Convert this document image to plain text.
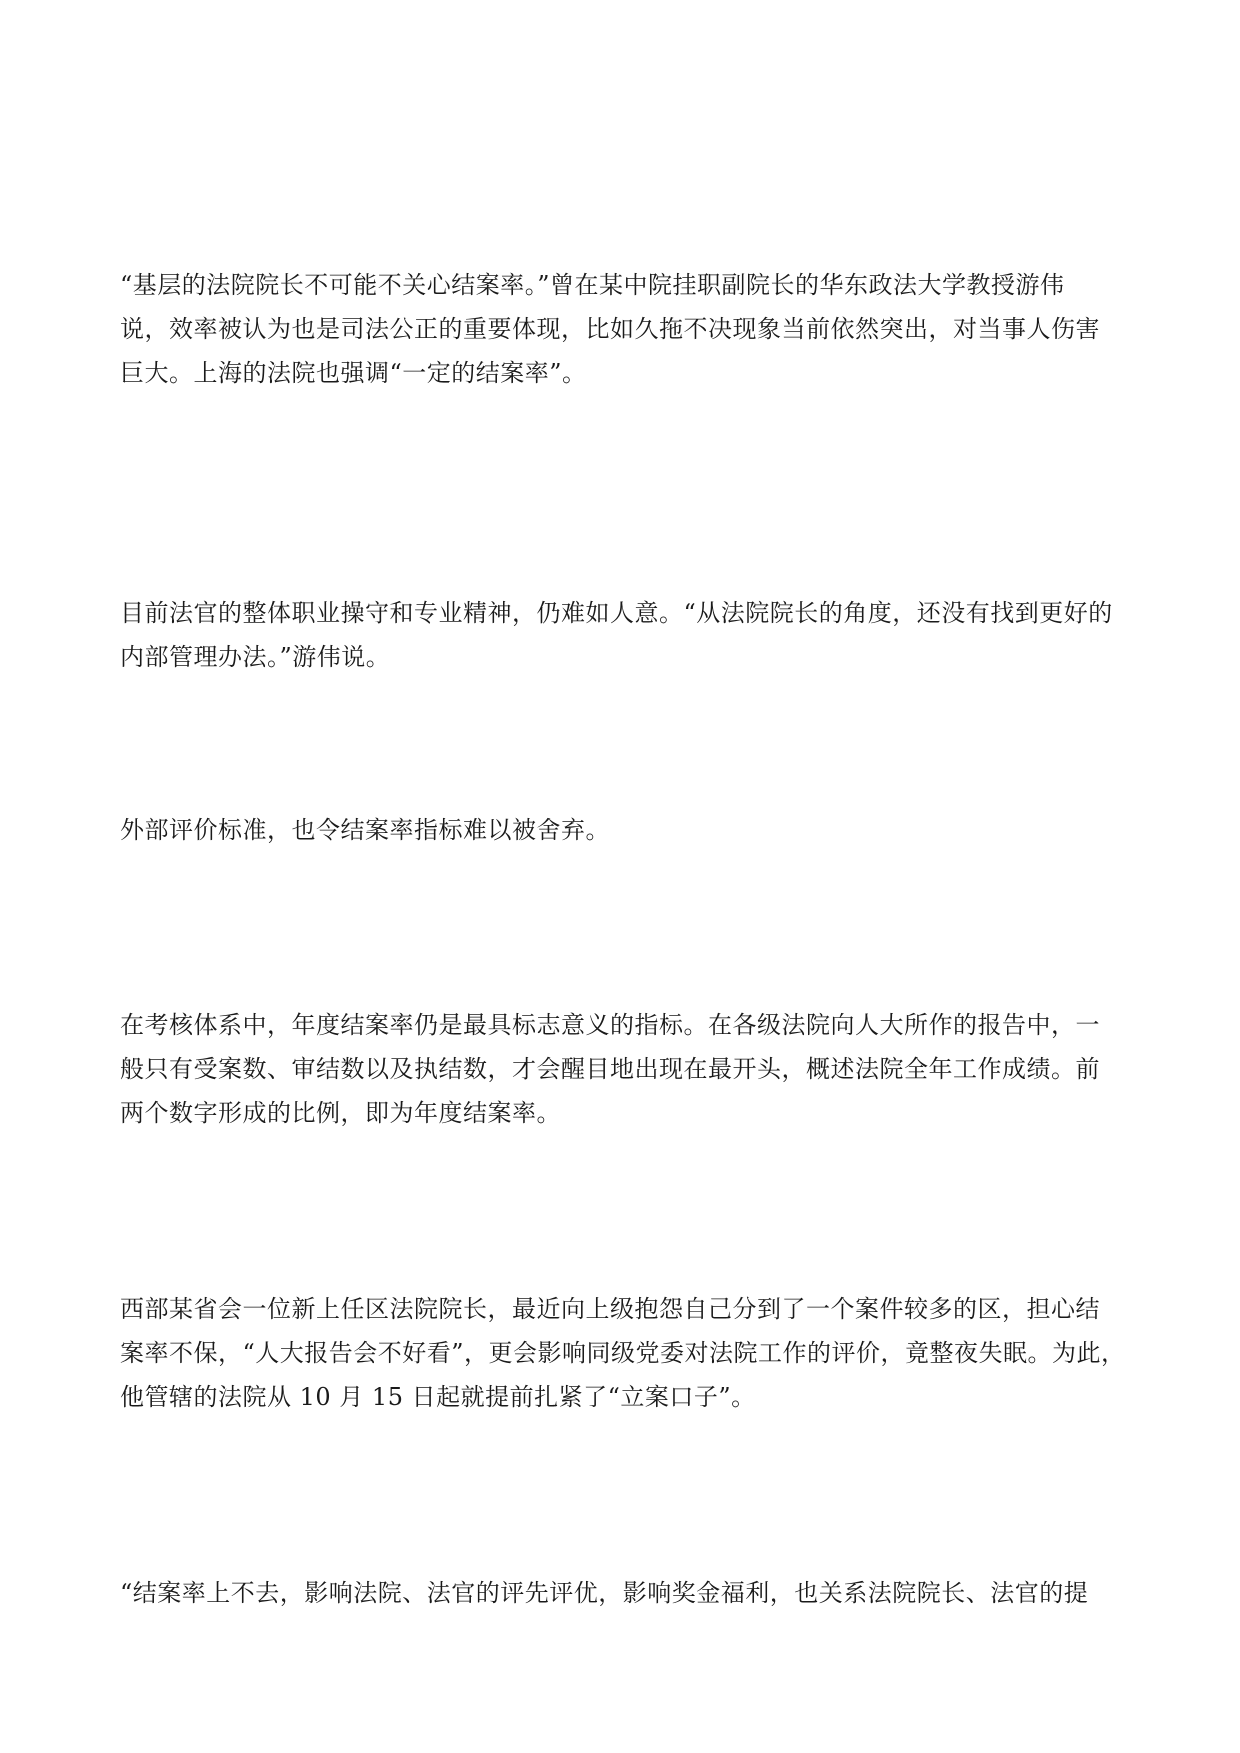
“基层的法院院长不可能不关心结案率。”曾在某中院挂职副院长的华东政法大学教授游伟
说，效率被认为也是司法公正的重要体现，比如久拖不决现象当前依然突出，对当事人伤害
巨大。上海的法院也强调“一定的结案率”。

目前法官的整体职业操守和专业精神，仍难如人意。“从法院院长的角度，还没有找到更好的
内部管理办法。”游伟说。

外部评价标准，也令结案率指标难以被舍弃。

在考核体系中，年度结案率仍是最具标志意义的指标。在各级法院向人大所作的报告中，一
般只有受案数、审结数以及执结数，才会醒目地出现在最开头，概述法院全年工作成绩。前
两个数字形成的比例，即为年度结案率。

西部某省会一位新上任区法院院长，最近向上级抱怨自己分到了一个案件较多的区，担心结
案率不保，“人大报告会不好看”，更会影响同级党委对法院工作的评价，竟整夜失眠。为此，
他管辖的法院从 10 月 15 日起就提前扎紧了“立案口子”。

“结案率上不去，影响法院、法官的评先评优，影响奖金福利，也关系法院院长、法官的提
